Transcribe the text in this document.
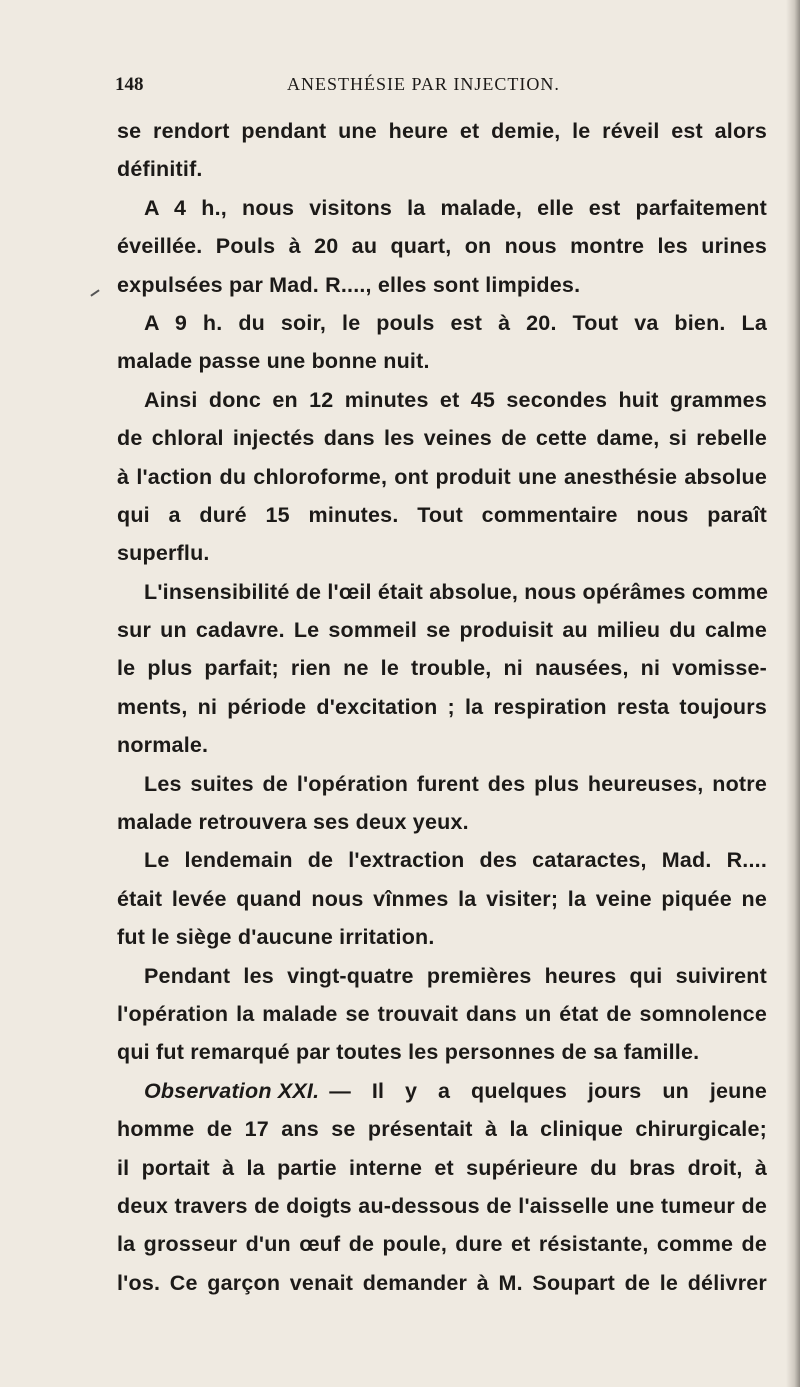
148	ANESTHÉSIE PAR INJECTION.
se rendort pendant une heure et demie, le réveil est alors
définitif.
A 4 h., nous visitons la malade, elle est parfaitement
éveillée. Pouls à 20 au quart, on nous montre les urines
expulsées par Mad. R...., elles sont limpides.
A 9 h. du soir, le pouls est à 20. Tout va bien. La
malade passe une bonne nuit.
Ainsi donc en 12 minutes et 45 secondes huit grammes
de chloral injectés dans les veines de cette dame, si rebelle
à l'action du chloroforme, ont produit une anesthésie absolue
qui a duré 15 minutes. Tout commentaire nous paraît
superflu.
L'insensibilité de l'œil était absolue, nous opérâmes comme
sur un cadavre. Le sommeil se produisit au milieu du calme
le plus parfait; rien ne le trouble, ni nausées, ni vomisse-
ments, ni période d'excitation ; la respiration resta toujours
normale.
Les suites de l'opération furent des plus heureuses, notre
malade retrouvera ses deux yeux.
Le lendemain de l'extraction des cataractes, Mad. R....
était levée quand nous vînmes la visiter; la veine piquée ne
fut le siège d'aucune irritation.
Pendant les vingt-quatre premières heures qui suivirent
l'opération la malade se trouvait dans un état de somnolence
qui fut remarqué par toutes les personnes de sa famille.
Observation XXI. — Il y a quelques jours un jeune
homme de 17 ans se présentait à la clinique chirurgicale;
il portait à la partie interne et supérieure du bras droit, à
deux travers de doigts au-dessous de l'aisselle une tumeur de
la grosseur d'un œuf de poule, dure et résistante, comme de
l'os. Ce garçon venait demander à M. Soupart de le délivrer
